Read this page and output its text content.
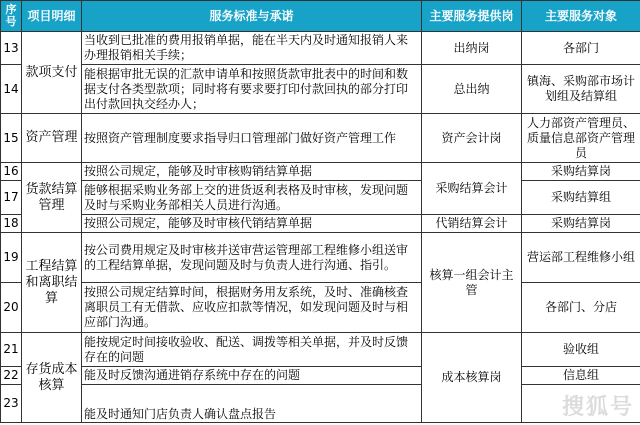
序号	项目明细	服务标准与承诺	主要服务提供岗	主要服务对象
13	款项支付	当收到已批准的费用报销单据，能在半天内及时通知报销人来办理报销相关手续；	出纳岗	各部门
14		能根据审批无误的汇款申请单和按照货款审批表中的时间和数据支付各类型款项；同时将有要求要打印付款回执的部分打印出付款回执交经办人；	总出纳	镇海、采购部市场计划组及结算组
15	资产管理	按照资产管理制度要求指导归口管理部门做好资产管理工作	资产会计岗	人力部资产管理员、质量信息部资产管理员
16	货款结算管理	按照公司规定，能够及时审核购销结算单据	采购结算会计	采购结算岗
17		能够根据采购业务部上交的进货返利表格及时审核，发现问题及时与采购业务部相关人员进行沟通。		采购结算组
18		按照公司规定，能够及时审核代销结算单据	代销结算会计	采购结算岗
19	工程结算和离职结算	按公司费用规定及时审核并送审营运管理部工程维修小组送审的工程结算单据，发现问题及时与负责人进行沟通、指引。	核算一组会计主管	营运部工程维修小组
20		按照公司规定结算时间，根据财务用友系统，及时、准确核查离职员工有无借款、应收应扣款等情况，如发现问题及时与相应部门沟通。		各部门、分店
21	存货成本核算	能按规定时间接收验收、配送、调拨等相关单据，并及时反馈存在的问题	成本核算岗	验收组
22		能及时反馈沟通进销存系统中存在的问题		信息组
23		能及时通知门店负责人确认盘点报告			搜狐号
